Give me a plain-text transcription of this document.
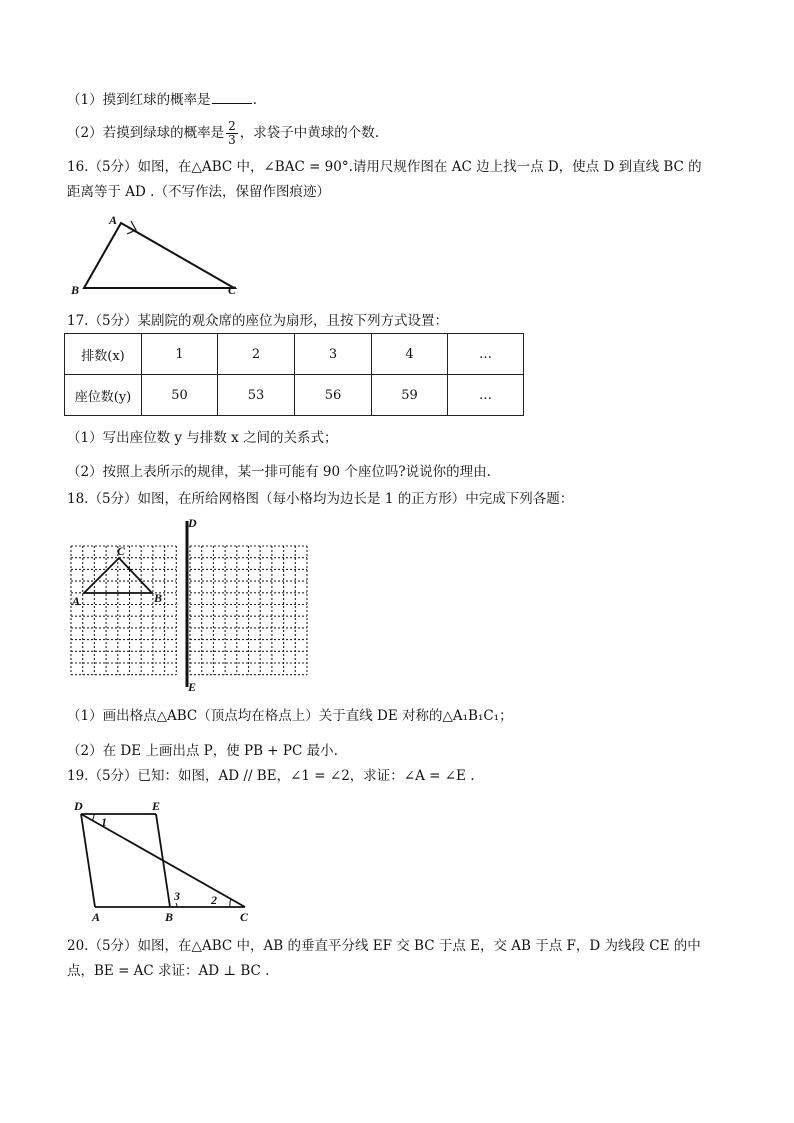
（1）摸到红球的概率是	.
（2）若摸到绿球的概率是 $\frac{2}{3}$ ，求袋子中黄球的个数.
16.（5分）如图，在△ABC 中，∠BAC = 90°.请用尺规作图在 AC 边上找一点 D，使点 D 到直线 BC 的
距离等于 AD .（不写作法，保留作图痕迹）
A
B	C
17.（5分）某剧院的观众席的座位为扇形，且按下列方式设置：
排数(x)	1	2	3	4	…
座位数(y)	50	53	56	59	…
（1）写出座位数 y 与排数 x 之间的关系式；
（2）按照上表所示的规律，某一排可能有 90 个座位吗?说说你的理由.
18.（5分）如图，在所给网格图（每小格均为边长是 1 的正方形）中完成下列各题：
C
A	B
D
E
（1）画出格点△ABC（顶点均在格点上）关于直线 DE 对称的△A₁B₁C₁；
（2）在 DE 上画出点 P，使 PB + PC 最小.
19.（5分）已知：如图，AD // BE，∠1 = ∠2，求证：∠A = ∠E .
D	E
A	B	C
1
3	2
20.（5分）如图，在△ABC 中，AB 的垂直平分线 EF 交 BC 于点 E，交 AB 于点 F，D 为线段 CE 的中
点，BE = AC 求证：AD ⊥ BC .
